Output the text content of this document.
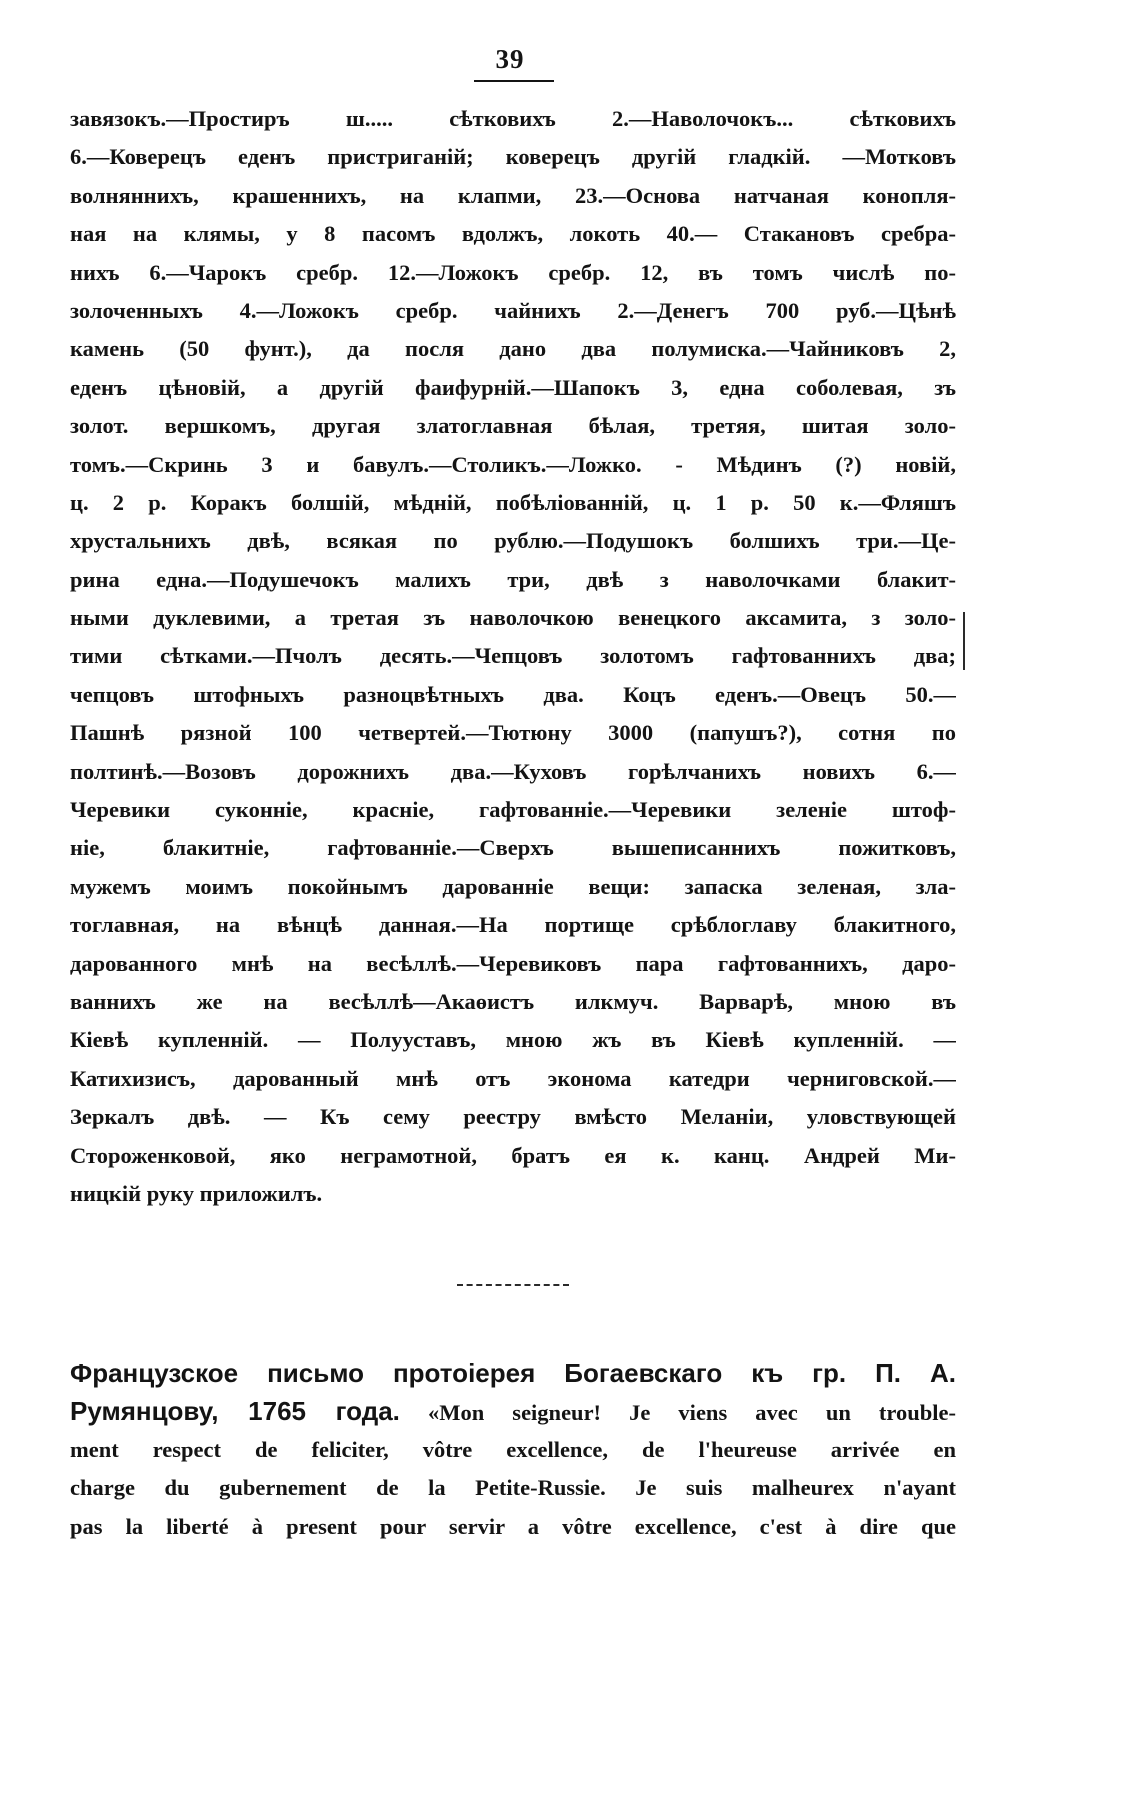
39
завязокъ.—Простиръ ш..... сѣтковихъ 2.—Наволочокъ... сѣтковихъ
6.—Коверецъ еденъ пристриганій; коверецъ другій гладкій. —Мотковъ
волняннихъ, крашеннихъ, на клапми, 23.—Основа натчаная конопля-
ная на клямы, у 8 пасомъ вдолжъ, локоть 40.— Стакановъ сребра-
нихъ 6.—Чарокъ сребр. 12.—Ложокъ сребр. 12, въ томъ числѣ по-
золоченныхъ 4.—Ложокъ сребр. чайнихъ 2.—Денегъ 700 руб.—Цѣнѣ
камень (50 фунт.), да посля дано два полумиска.—Чайниковъ 2,
еденъ цѣновій, а другій фаифурній.—Шапокъ 3, една соболевая, зъ
золот. вершкомъ, другая златоглавная бѣлая, третяя, шитая золо-
томъ.—Скринь 3 и бавулъ.—Столикъ.—Ложко. - Мѣдинъ (?) новій,
ц. 2 р. Коракъ болшій, мѣдній, побѣліованній, ц. 1 р. 50 к.—Фляшъ
хрустальнихъ двѣ, всякая по рублю.—Подушокъ болшихъ три.—Це-
рина една.—Подушечокъ малихъ три, двѣ з наволочками блакит-
ными дуклевими, а третая зъ наволочкою венецкого аксамита, з золо-
тими сѣтками.—Пчолъ десять.—Чепцовъ золотомъ гафтованнихъ два;
чепцовъ штофныхъ разноцвѣтныхъ два. Коцъ еденъ.—Овецъ 50.—
Пашнѣ рязной 100 четвертей.—Тютюну 3000 (папушъ?), сотня по
полтинѣ.—Возовъ дорожнихъ два.—Куховъ горѣлчанихъ новихъ 6.—
Черевики суконніе, красніе, гафтованніе.—Черевики зеленіе штоф-
ніе, блакитніе, гафтованніе.—Сверхъ вышеписаннихъ пожитковъ,
мужемъ моимъ покойнымъ дарованніе вещи: запаска зеленая, зла-
тоглавная, на вѣнцѣ данная.—На портище срѣблоглаву блакитного,
дарованного мнѣ на весѣллѣ.—Черевиковъ пара гафтованнихъ, даро-
ваннихъ же на весѣллѣ—Акаөистъ илкмуч. Варварѣ, мною въ
Кіевѣ купленній. — Полууставъ, мною жъ въ Кіевѣ купленній. —
Катихизисъ, дарованный мнѣ отъ эконома катедри черниговской.—
Зеркалъ двѣ. — Къ сему реестру вмѣсто Меланіи, уловствующей
Стороженковой, яко неграмотной, братъ ея к. канц. Андрей Ми-
ницкій руку приложилъ.
Французское письмо протоіерея Богаевскаго къ гр. П. А.
Румянцову, 1765 года. «Mon seigneur! Je viens avec un trouble-
ment respect de feliciter, vôtre excellence, de l'heureuse arrivée en
charge du gubernement de la Petite-Russie. Je suis malheurex n'ayant
pas la liberté à present pour servir a vôtre excellence, c'est à dire que
